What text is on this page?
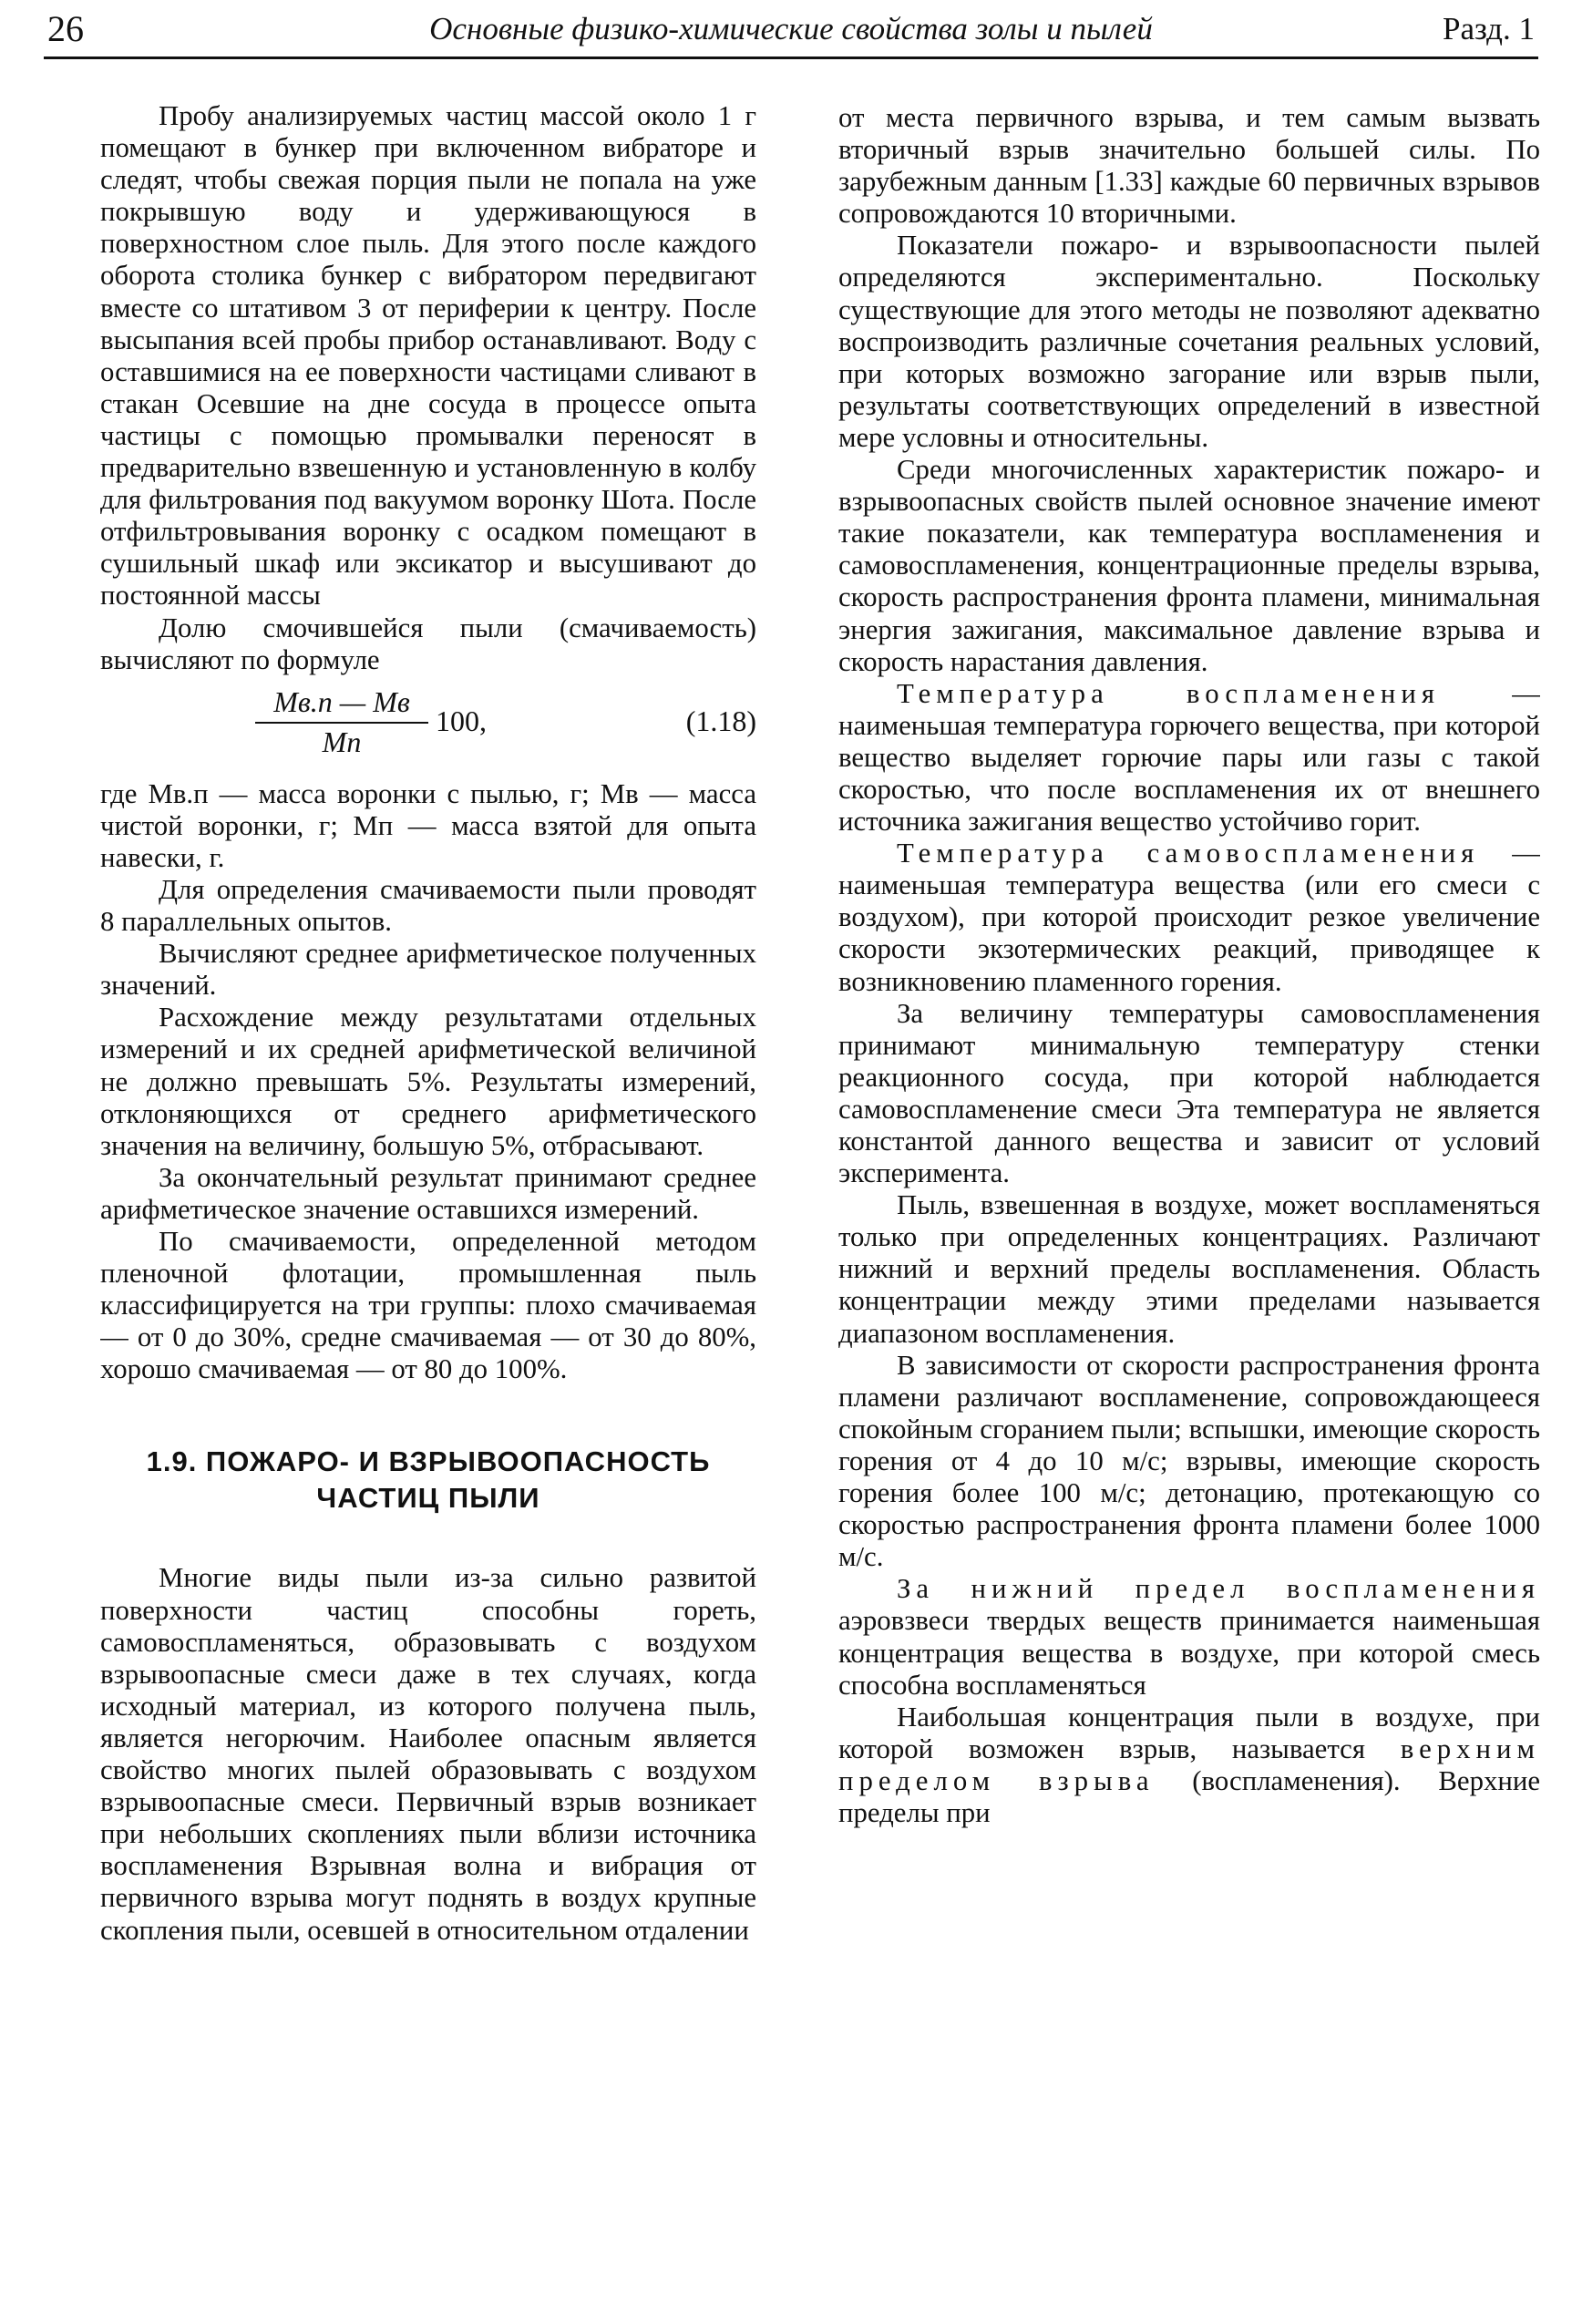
26	Основные физико-химические свойства золы и пылей	Разд. 1

Пробу анализируемых частиц массой около 1 г помещают в бункер при включенном вибраторе и следят, чтобы свежая порция пыли не попала на уже покрывшую воду и удерживающуюся в поверхностном слое пыль. Для этого после каждого оборота столика бункер с вибратором передвигают вместе со штативом 3 от периферии к центру. После высыпания всей пробы прибор останавливают. Воду с оставшимися на ее поверхности частицами сливают в стакан Осевшие на дне сосуда в процессе опыта частицы с помощью промывалки переносят в предварительно взвешенную и установленную в колбу для фильтрования под вакуумом воронку Шота. После отфильтровывания воронку с осадком помещают в сушильный шкаф или эксикатор и высушивают до постоянной массы

Долю смочившейся пыли (смачиваемость) вычисляют по формуле

Mв.п — Mв
Mп
100,	(1.18)

где Mв.п — масса воронки с пылью, г; Mв — масса чистой воронки, г; Mп — масса взятой для опыта навески, г.

Для определения смачиваемости пыли проводят 8 параллельных опытов.

Вычисляют среднее арифметическое полученных значений.

Расхождение между результатами отдельных измерений и их средней арифметической величиной не должно превышать 5%. Результаты измерений, отклоняющихся от среднего арифметического значения на величину, большую 5%, отбрасывают.

За окончательный результат принимают среднее арифметическое значение оставшихся измерений.

По смачиваемости, определенной методом пленочной флотации, промышленная пыль классифицируется на три группы: плохо смачиваемая — от 0 до 30%, средне смачиваемая — от 30 до 80%, хорошо смачиваемая — от 80 до 100%.

1.9. ПОЖАРО- И ВЗРЫВООПАСНОСТЬ
ЧАСТИЦ ПЫЛИ

Многие виды пыли из-за сильно развитой поверхности частиц способны гореть, самовоспламеняться, образовывать с воздухом взрывоопасные смеси даже в тех случаях, когда исходный материал, из которого получена пыль, является негорючим. Наиболее опасным является свойство многих пылей образовывать с воздухом взрывоопасные смеси. Первичный взрыв возникает при небольших скоплениях пыли вблизи источника воспламенения Взрывная волна и вибрация от первичного взрыва могут поднять в воздух крупные скопления пыли, осевшей в относительном отдалении

от места первичного взрыва, и тем самым вызвать вторичный взрыв значительно большей силы. По зарубежным данным [1.33] каждые 60 первичных взрывов сопровождаются 10 вторичными.

Показатели пожаро- и взрывоопасности пылей определяются экспериментально. Поскольку существующие для этого методы не позволяют адекватно воспроизводить различные сочетания реальных условий, при которых возможно загорание или взрыв пыли, результаты соответствующих определений в известной мере условны и относительны.

Среди многочисленных характеристик пожаро- и взрывоопасных свойств пылей основное значение имеют такие показатели, как температура воспламенения и самовоспламенения, концентрационные пределы взрыва, скорость распространения фронта пламени, минимальная энергия зажигания, максимальное давление взрыва и скорость нарастания давления.

Температура воспламенения — наименьшая температура горючего вещества, при которой вещество выделяет горючие пары или газы с такой скоростью, что после воспламенения их от внешнего источника зажигания вещество устойчиво горит.

Температура самовоспламенения — наименьшая температура вещества (или его смеси с воздухом), при которой происходит резкое увеличение скорости экзотермических реакций, приводящее к возникновению пламенного горения.

За величину температуры самовоспламенения принимают минимальную температуру стенки реакционного сосуда, при которой наблюдается самовоспламенение смеси Эта температура не является константой данного вещества и зависит от условий эксперимента.

Пыль, взвешенная в воздухе, может воспламеняться только при определенных концентрациях. Различают нижний и верхний пределы воспламенения. Область концентрации между этими пределами называется диапазоном воспламенения.

В зависимости от скорости распространения фронта пламени различают воспламенение, сопровождающееся спокойным сгоранием пыли; вспышки, имеющие скорость горения от 4 до 10 м/с; взрывы, имеющие скорость горения более 100 м/с; детонацию, протекающую со скоростью распространения фронта пламени более 1000 м/с.

За нижний предел воспламенения аэровзвеси твердых веществ принимается наименьшая концентрация вещества в воздухе, при которой смесь способна воспламеняться

Наибольшая концентрация пыли в воздухе, при которой возможен взрыв, называется верхним пределом взрыва (воспламенения). Верхние пределы при
